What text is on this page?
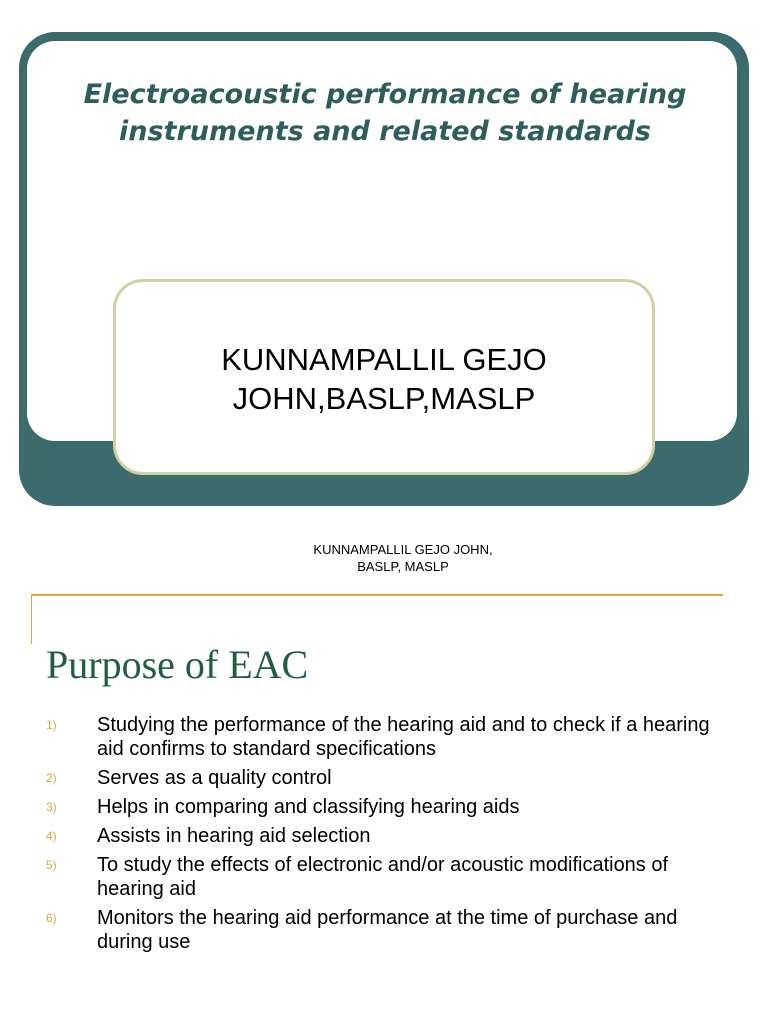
Electroacoustic performance of hearing instruments and related standards
KUNNAMPALLIL GEJO
JOHN,BASLP,MASLP
KUNNAMPALLIL GEJO JOHN,
BASLP, MASLP
Purpose of EAC
1) Studying the performance of the hearing aid and to check if a hearing aid confirms to standard specifications
2) Serves as a quality control
3) Helps in comparing and classifying hearing aids
4) Assists in hearing aid selection
5) To study the effects of electronic and/or acoustic modifications of hearing aid
6) Monitors the hearing aid performance at the time of purchase and during use
